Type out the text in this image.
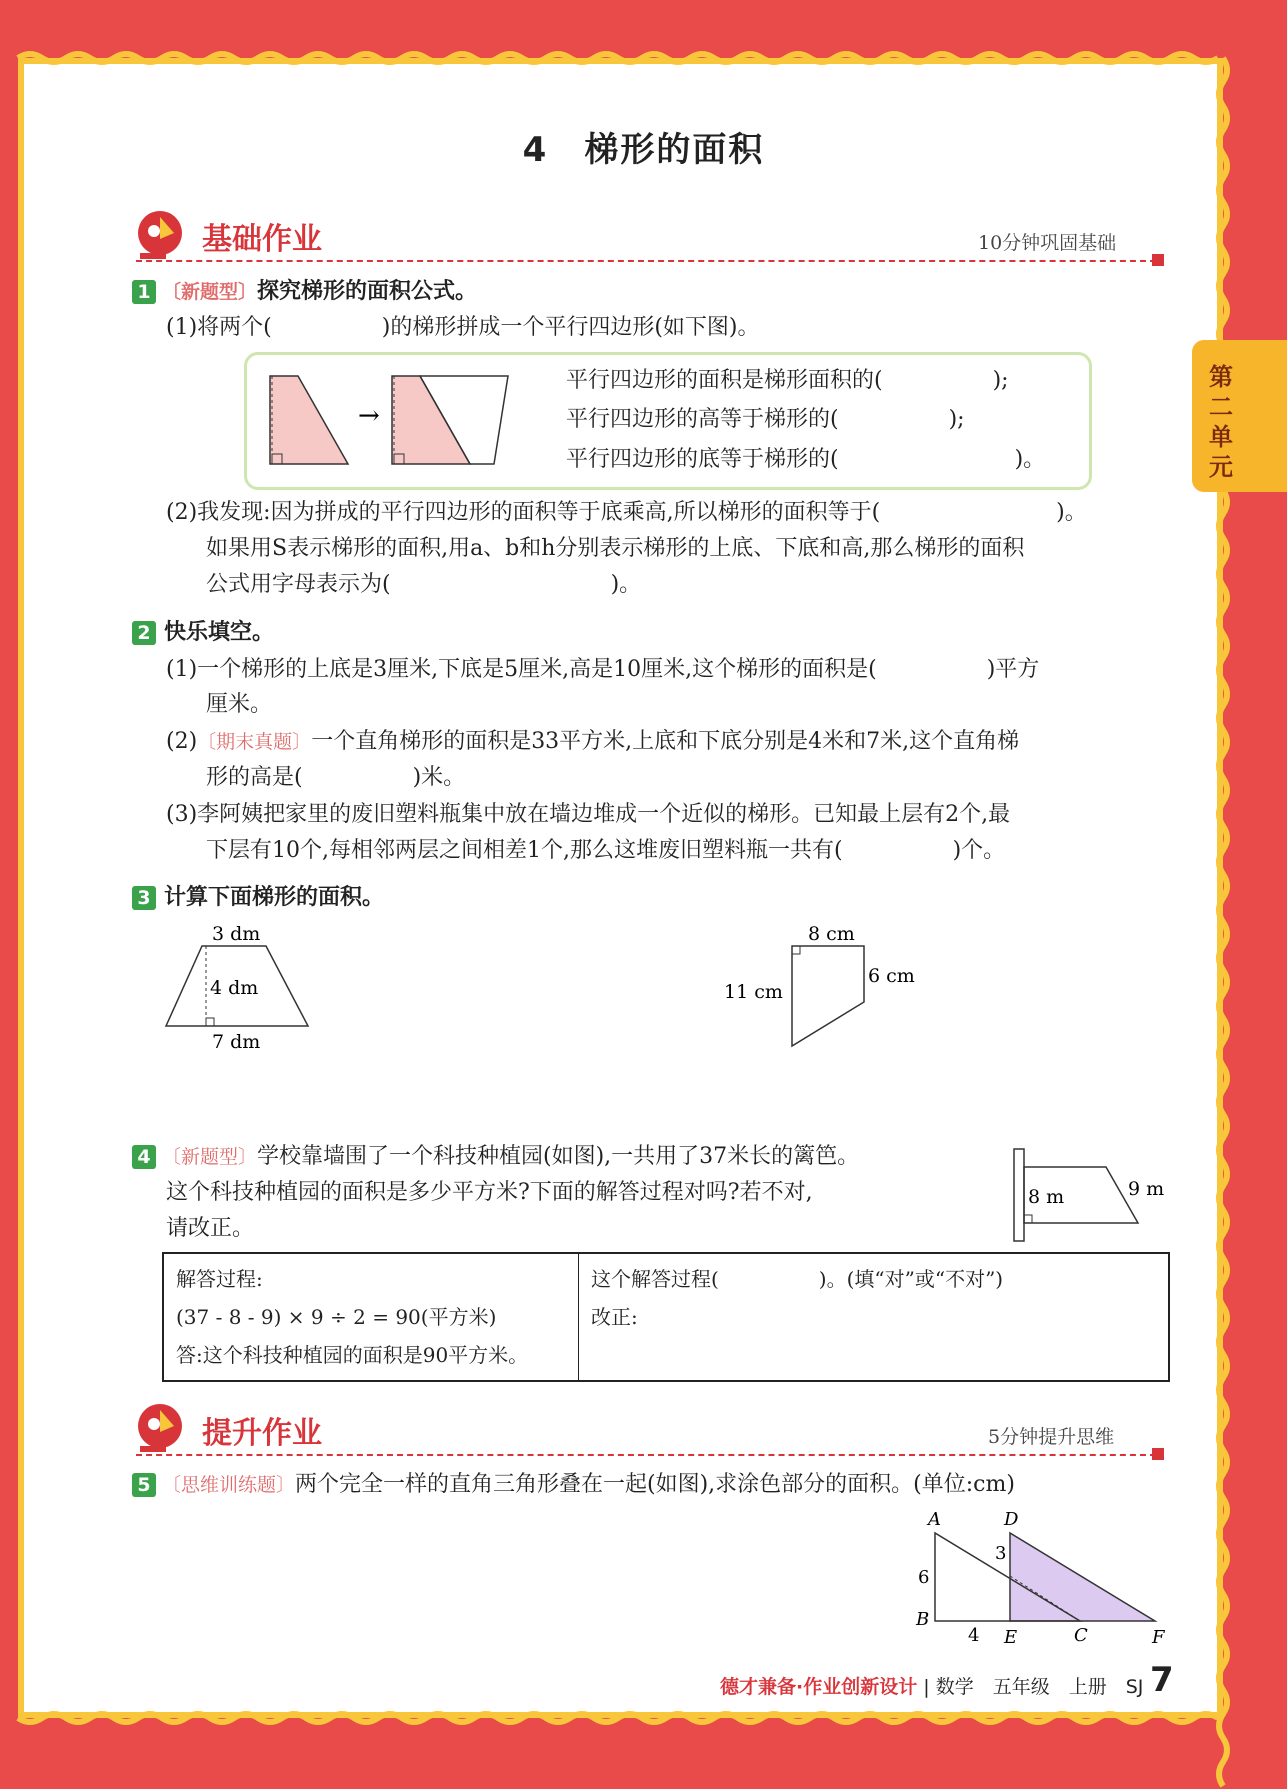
4　梯形的面积
第二单元
基础作业	10分钟巩固基础
1 〔新题型〕探究梯形的面积公式。
(1)将两个(　　　　　)的梯形拼成一个平行四边形(如下图)。
→
平行四边形的面积是梯形面积的(　　　　　);
平行四边形的高等于梯形的(　　　　　);
平行四边形的底等于梯形的(　　　　　　　　)。
(2)我发现:因为拼成的平行四边形的面积等于底乘高,所以梯形的面积等于(　　　　　　　　)。
如果用S表示梯形的面积,用a、b和h分别表示梯形的上底、下底和高,那么梯形的面积
公式用字母表示为(　　　　　　　　　　)。
2 快乐填空。
(1)一个梯形的上底是3厘米,下底是5厘米,高是10厘米,这个梯形的面积是(　　　　　)平方
厘米。
(2)〔期末真题〕一个直角梯形的面积是33平方米,上底和下底分别是4米和7米,这个直角梯
形的高是(　　　　　)米。
(3)李阿姨把家里的废旧塑料瓶集中放在墙边堆成一个近似的梯形。已知最上层有2个,最
下层有10个,每相邻两层之间相差1个,那么这堆废旧塑料瓶一共有(　　　　　)个。
3 计算下面梯形的面积。
3 dm
4 dm
7 dm
8 cm
11 cm
6 cm
4 〔新题型〕学校靠墙围了一个科技种植园(如图),一共用了37米长的篱笆。
这个科技种植园的面积是多少平方米?下面的解答过程对吗?若不对,
请改正。
8 m	9 m
解答过程:
(37 - 8 - 9) × 9 ÷ 2 = 90(平方米)
答:这个科技种植园的面积是90平方米。

这个解答过程(　　　　　)。(填“对”或“不对”)
改正:
提升作业	5分钟提升思维
5 〔思维训练题〕两个完全一样的直角三角形叠在一起(如图),求涂色部分的面积。(单位:cm)
A	D
B
E	C	F
6
3
4
德才兼备·作业创新设计 | 数学　五年级　上册　SJ 7
